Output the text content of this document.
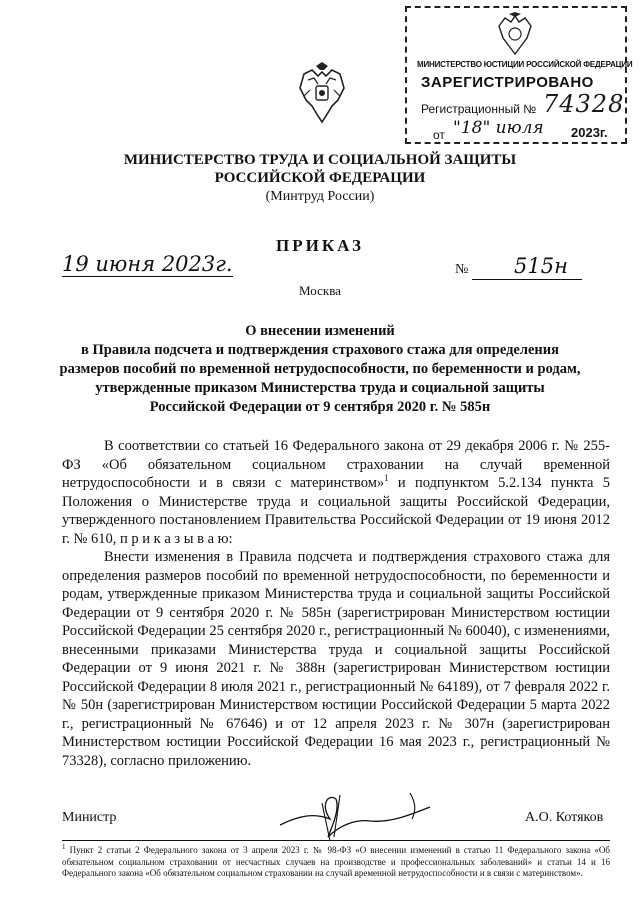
МИНИСТЕРСТВО ЮСТИЦИИ РОССИЙСКОЙ ФЕДЕРАЦИИ
ЗАРЕГИСТРИРОВАНО
Регистрационный № 74328
от "18" июля 2023г.
МИНИСТЕРСТВО ТРУДА И СОЦИАЛЬНОЙ ЗАЩИТЫ
РОССИЙСКОЙ ФЕДЕРАЦИИ
(Минтруд России)
ПРИКАЗ
19 июня 2023г.	№ 515н
Москва
О внесении изменений
в Правила подсчета и подтверждения страхового стажа для определения
размеров пособий по временной нетрудоспособности, по беременности и родам,
утвержденные приказом Министерства труда и социальной защиты
Российской Федерации от 9 сентября 2020 г. № 585н
В соответствии со статьей 16 Федерального закона от 29 декабря 2006 г. № 255-ФЗ «Об обязательном социальном страховании на случай временной нетрудоспособности и в связи с материнством»$^1$ и подпунктом 5.2.134 пункта 5 Положения о Министерстве труда и социальной защиты Российской Федерации, утвержденного постановлением Правительства Российской Федерации от 19 июня 2012 г. № 610, п р и к а з ы в а ю:
Внести изменения в Правила подсчета и подтверждения страхового стажа для определения размеров пособий по временной нетрудоспособности, по беременности и родам, утвержденные приказом Министерства труда и социальной защиты Российской Федерации от 9 сентября 2020 г. № 585н (зарегистрирован Министерством юстиции Российской Федерации 25 сентября 2020 г., регистрационный № 60040), с изменениями, внесенными приказами Министерства труда и социальной защиты Российской Федерации от 9 июня 2021 г. № 388н (зарегистрирован Министерством юстиции Российской Федерации 8 июля 2021 г., регистрационный № 64189), от 7 февраля 2022 г. № 50н (зарегистрирован Министерством юстиции Российской Федерации 5 марта 2022 г., регистрационный № 67646) и от 12 апреля 2023 г. № 307н (зарегистрирован Министерством юстиции Российской Федерации 16 мая 2023 г., регистрационный № 73328), согласно приложению.
Министр	А.О. Котяков
$^1$ Пункт 2 статьи 2 Федерального закона от 3 апреля 2023 г. № 98-ФЗ «О внесении изменений в статью 11 Федерального закона «Об обязательном социальном страховании от несчастных случаев на производстве и профессиональных заболеваний» и статьи 14 и 16 Федерального закона «Об обязательном социальном страховании на случай временной нетрудоспособности и в связи с материнством».
